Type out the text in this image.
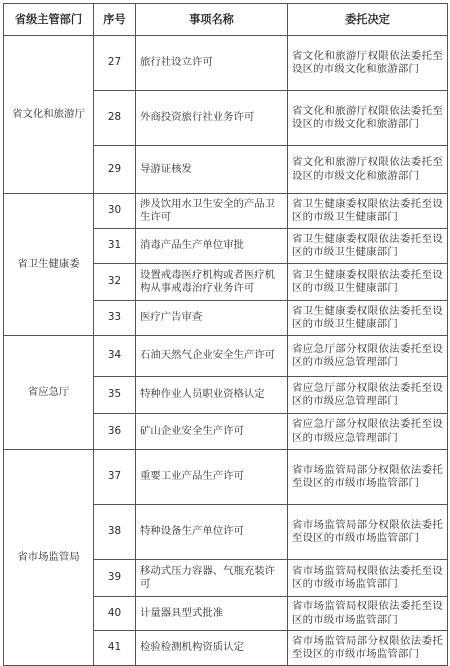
省级主管部门	序号	事项名称	委托决定
省文化和旅游厅	27	旅行社设立许可	省文化和旅游厅权限依法委托至设区的市级文化和旅游部门
	28	外商投资旅行社业务许可	省文化和旅游厅权限依法委托至设区的市级文化和旅游部门
	29	导游证核发	省文化和旅游厅权限依法委托至设区的市级文化和旅游部门
省卫生健康委	30	涉及饮用水卫生安全的产品卫生许可	省卫生健康委权限依法委托至设区的市级卫生健康部门
	31	消毒产品生产单位审批	省卫生健康委权限依法委托至设区的市级卫生健康部门
	32	设置戒毒医疗机构或者医疗机构从事戒毒治疗业务许可	省卫生健康委权限依法委托至设区的市级卫生健康部门
	33	医疗广告审查	省卫生健康委权限依法委托至设区的市级卫生健康部门
省应急厅	34	石油天然气企业安全生产许可	省应急厅部分权限依法委托至设区的市级应急管理部门
	35	特种作业人员职业资格认定	省应急厅部分权限依法委托至设区的市级应急管理部门
	36	矿山企业安全生产许可	省应急厅部分权限依法委托至设区的市级应急管理部门
省市场监管局	37	重要工业产品生产许可	省市场监管局部分权限依法委托至设区的市级市场监管部门
	38	特种设备生产单位许可	省市场监管局部分权限依法委托至设区的市级市场监管部门
	39	移动式压力容器、气瓶充装许可	省市场监管局权限依法委托至设区的市级市场监管部门
	40	计量器具型式批准	省市场监管局权限依法委托至设区的市级市场监管部门
	41	检验检测机构资质认定	省市场监管局部分权限依法委托至设区的市级市场监管部门
